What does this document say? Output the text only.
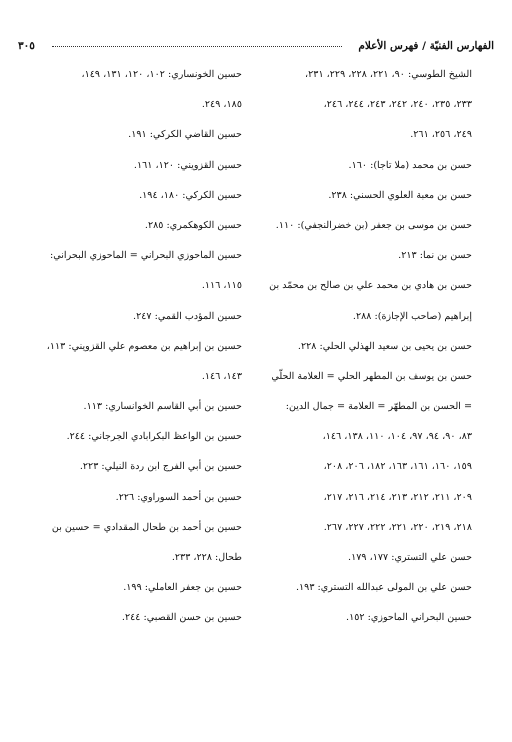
الفهارس الفنيّة / فهرس الأعلام
٣٠٥
الشيخ الطوسي: ٩٠، ٢٢١، ٢٢٨، ٢٢٩، ٢٣١،
٢٣٣، ٢٣٥، ٢٤٠، ٢٤٢، ٢٤٣، ٢٤٤، ٢٤٦،
٢٤٩، ٢٥٦، ٢٦١.
حسن بن محمد (ملا تاجا): ١٦٠.
حسن بن معبة العلوي الحسني: ٢٣٨.
حسن بن موسى بن جعفر (بن خضرالنجفي): ١١٠.
حسن بن نما: ٢١٣.
حسن بن هادي بن محمد علي بن صالح بن محمّد بن
إبراهيم (صاحب الإجازة): ٢٨٨.
حسن بن يحيى بن سعيد الهذلي الحلي: ٢٢٨.
حسن بن يوسف بن المطهر الحلي = العلامة الحلّي
= الحسن بن المطهّر = العلامة = جمال الدين:
٨٣، ٩٠، ٩٤، ٩٧، ١٠٤، ١١٠، ١٣٨، ١٤٦،
١٥٩، ١٦٠، ١٦١، ١٦٣، ١٨٢، ٢٠٦، ٢٠٨،
٢٠٩، ٢١١، ٢١٢، ٢١٣، ٢١٤، ٢١٦، ٢١٧،
٢١٨، ٢١٩، ٢٢٠، ٢٢١، ٢٢٢، ٢٢٧، ٢٦٧.
حسن علي التستري: ١٧٧، ١٧٩.
حسن علي بن المولى عبدالله التستري: ١٩٣.
حسين البحراني الماحوزي: ١٥٢.
حسين الخونساري: ١٠٢، ١٢٠، ١٣١، ١٤٩،
١٨٥، ٢٤٩.
حسين القاضي الكركي: ١٩١.
حسين القزويني: ١٢٠، ١٦١.
حسين الكركي: ١٨٠، ١٩٤.
حسين الكوهكمري: ٢٨٥.
حسين الماحوزي البحراني = الماحوزي البحراني:
١١٥، ١١٦.
حسين المؤدب القمي: ٢٤٧.
حسين بن إبراهيم بن معصوم علي القزويني: ١١٣،
١٤٣، ١٤٦.
حسين بن أبي القاسم الخوانساري: ١١٣.
حسين بن الواعظ البكرابادي الجرجاني: ٢٤٤.
حسين بن أبي الفرج ابن ردة النيلي: ٢٢٣.
حسين بن أحمد السوراوي: ٢٢٦.
حسين بن أحمد بن طحال المقدادي = حسين بن
طحال: ٢٢٨، ٢٣٣.
حسين بن جعفر العاملي: ١٩٩.
حسين بن حسن القصبي: ٢٤٤.
